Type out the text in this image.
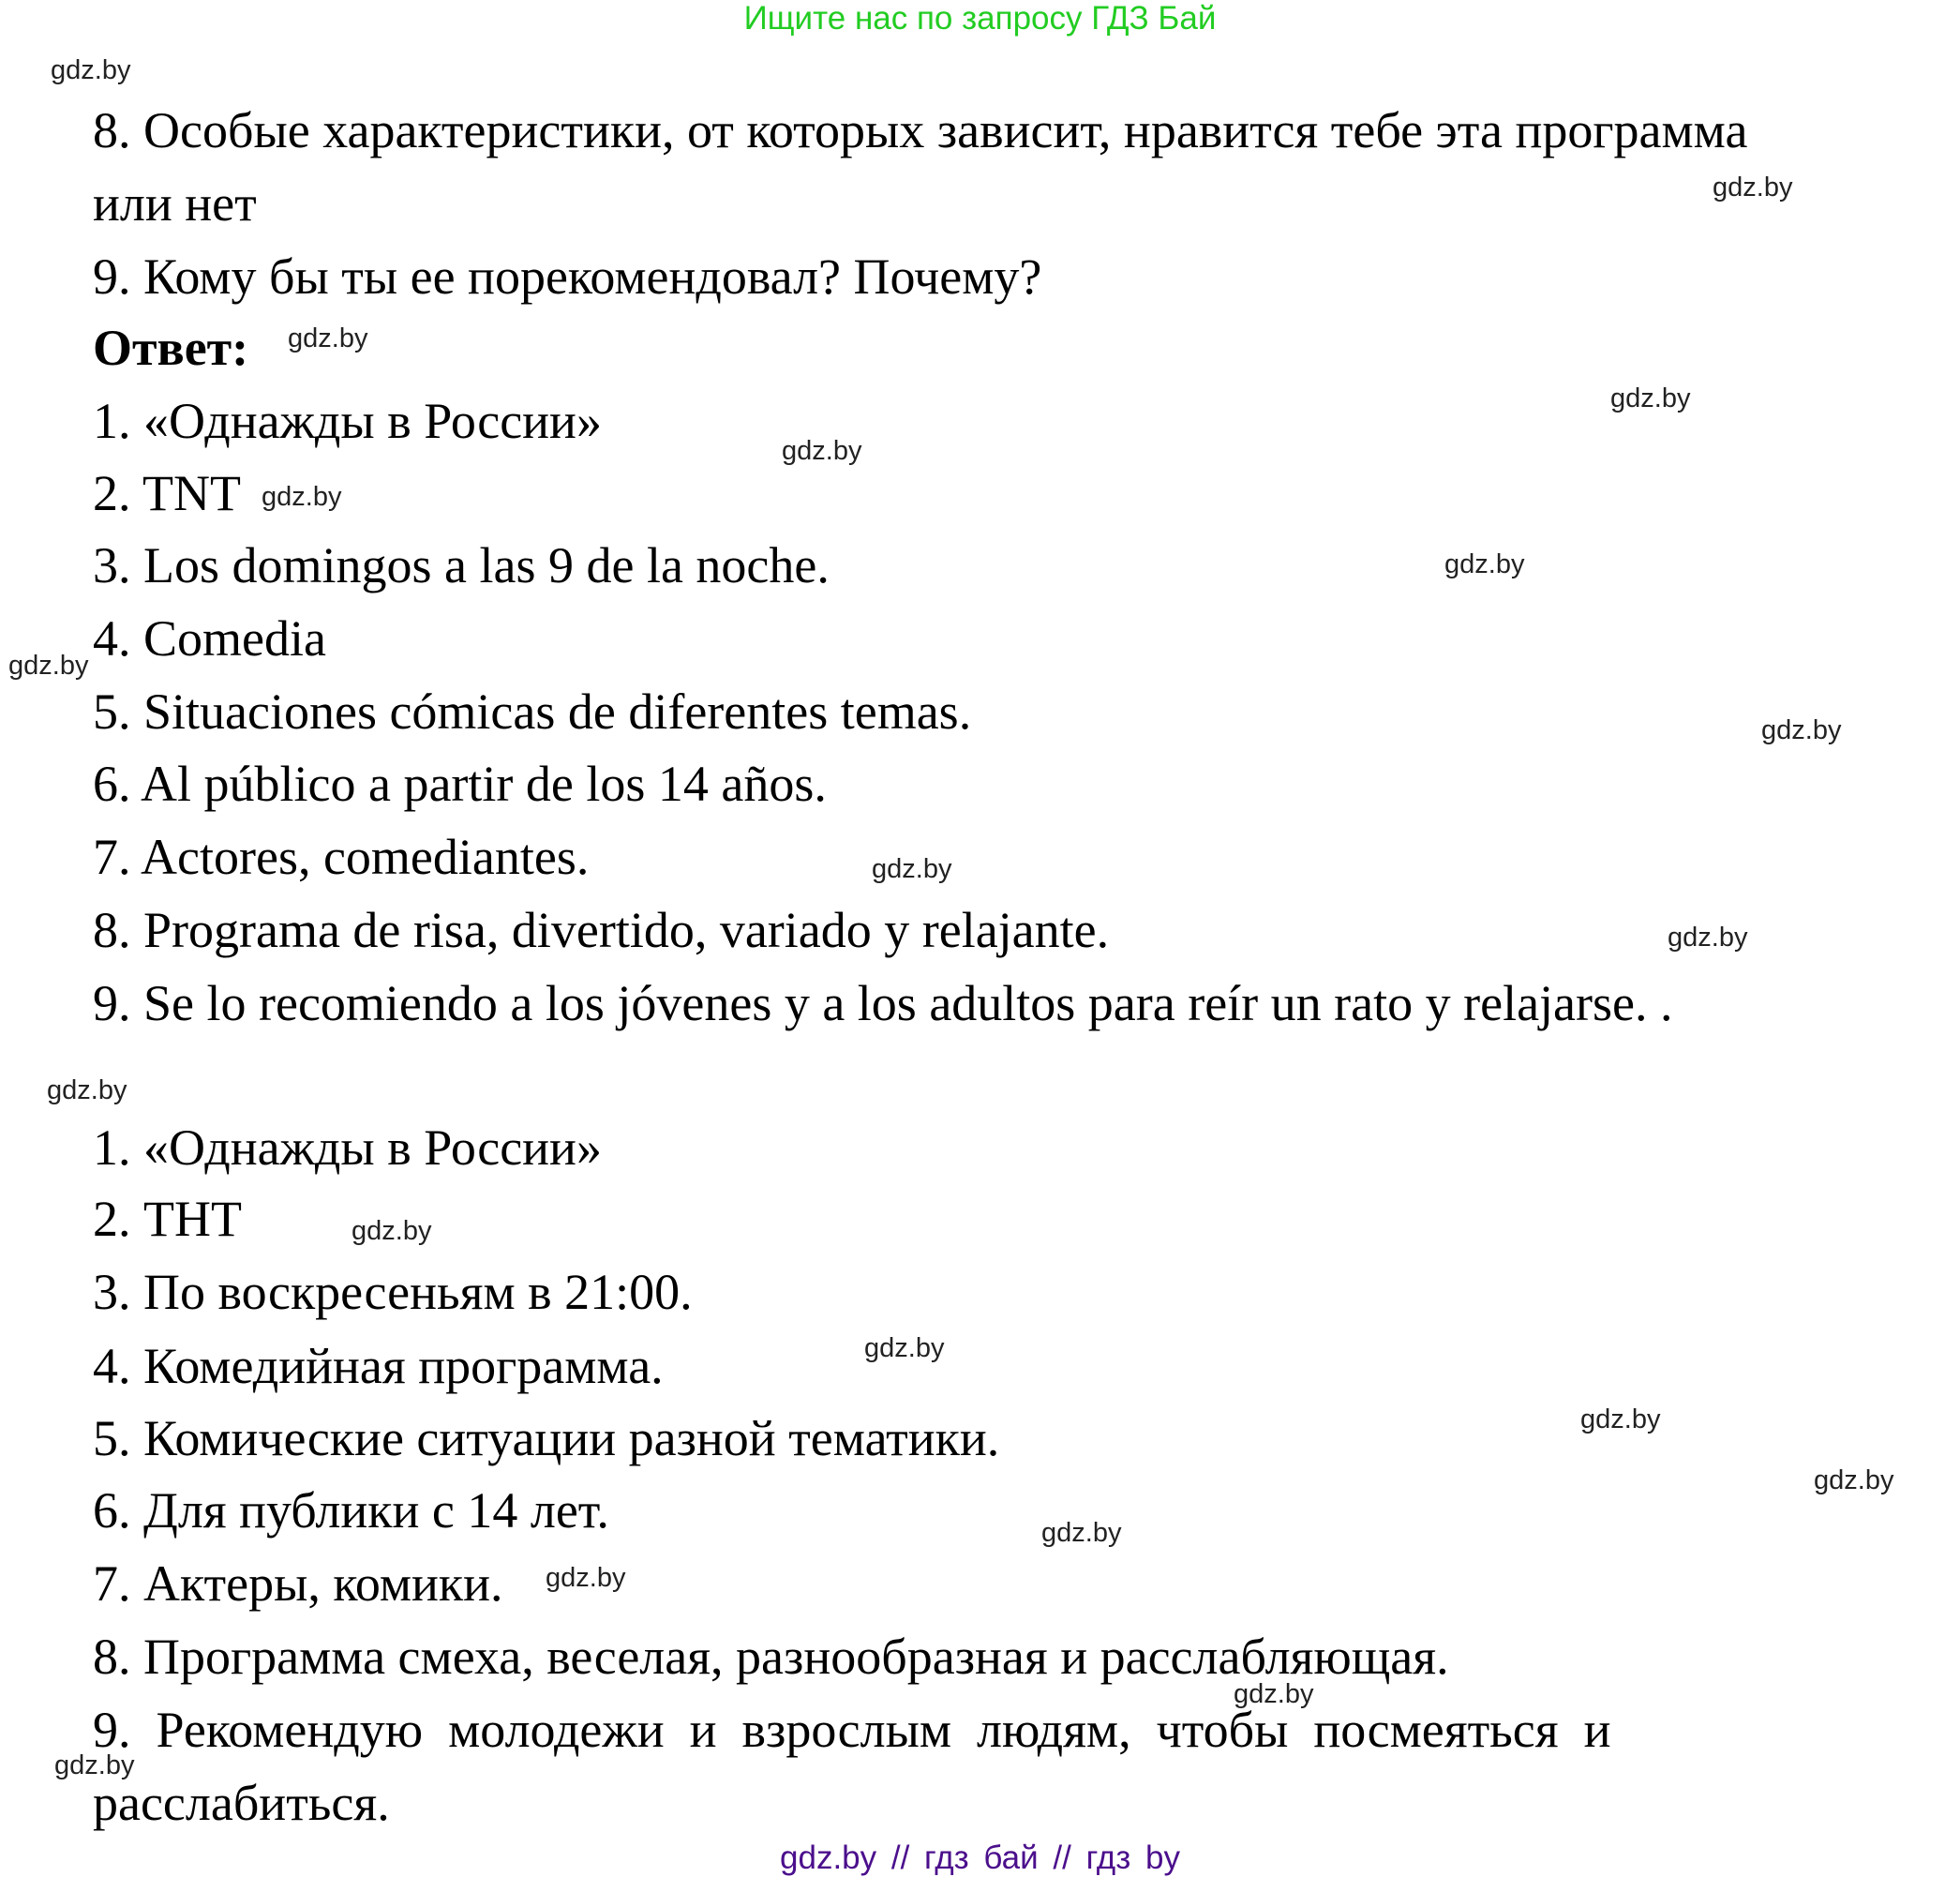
Ищите нас по запросу ГДЗ Бай
8. Особые характеристики, от которых зависит, нравится тебе эта программа
или нет
9. Кому бы ты ее порекомендовал? Почему?
Ответ:
1. «Однажды в России»
2. TNT
3. Los domingos a las 9 de la noche.
4. Comedia
5. Situaciones cómicas de diferentes temas.
6. Al público a partir de los 14 años.
7. Actores, comediantes.
8. Programa de risa, divertido, variado y relajante.
9. Se lo recomiendo a los jóvenes y a los adultos para reír un rato y relajarse. .
1. «Однажды в России»
2. ТНТ
3. По воскресеньям в 21:00.
4. Комедийная программа.
5. Комические ситуации разной тематики.
6. Для публики с 14 лет.
7. Актеры, комики.
8. Программа смеха, веселая, разнообразная и расслабляющая.
9.  Рекомендую  молодежи  и  взрослым  людям,  чтобы  посмеяться  и
расслабиться.
gdz.by
gdz.by
gdz.by
gdz.by
gdz.by
gdz.by
gdz.by
gdz.by
gdz.by
gdz.by
gdz.by
gdz.by
gdz.by
gdz.by
gdz.by
gdz.by
gdz.by
gdz.by
gdz.by
gdz.by
gdz.by // гдз бай // гдз by
